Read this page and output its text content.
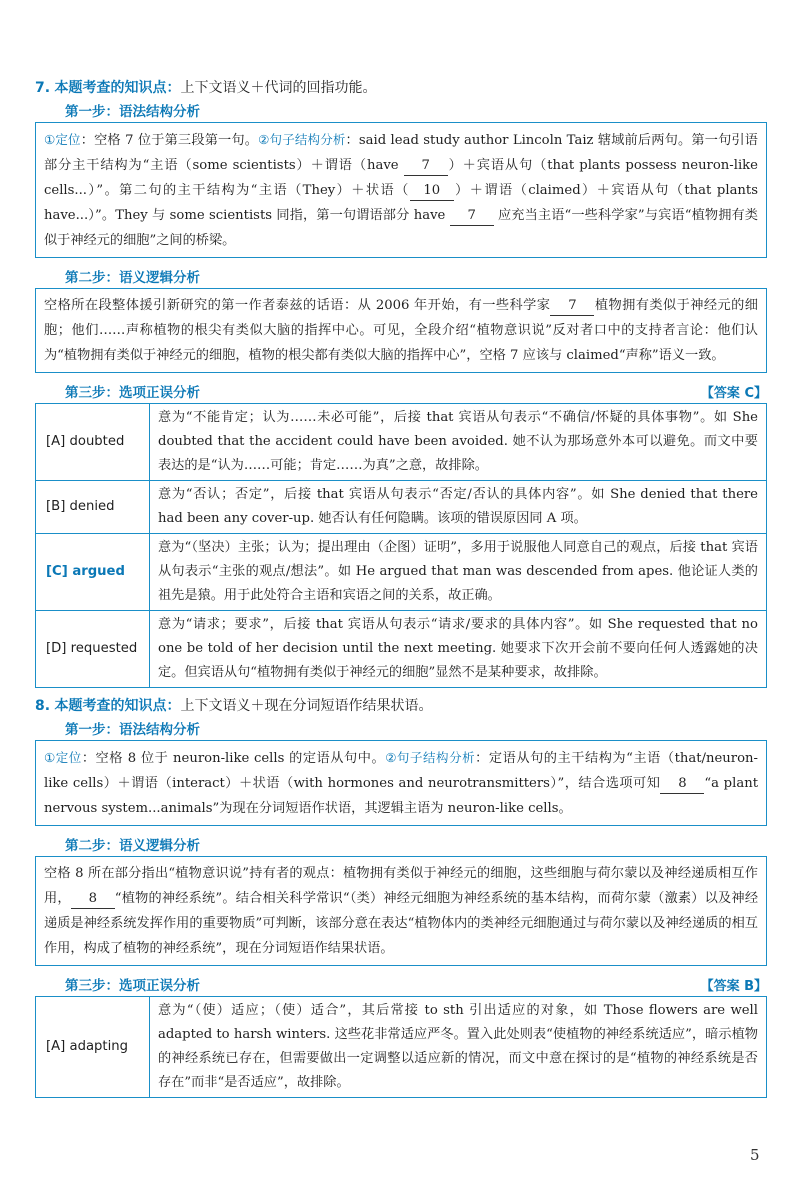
7. 本题考查的知识点：上下文语义＋代词的回指功能。
第一步：语法结构分析
①定位：空格 7 位于第三段第一句。②句子结构分析：said lead study author Lincoln Taiz 辖域前后两句。第一句引语部分主干结构为“主语（some scientists）＋谓语（have 7 ）＋宾语从句（that plants possess neuron-like cells...）”。第二句的主干结构为“主语（They）＋状语（ 10 ）＋谓语（claimed）＋宾语从句（that plants have...）”。They 与 some scientists 同指，第一句谓语部分 have 7 应充当主语“一些科学家”与宾语“植物拥有类似于神经元的细胞”之间的桥梁。
第二步：语义逻辑分析
空格所在段整体援引新研究的第一作者泰兹的话语：从 2006 年开始，有一些科学家 7 植物拥有类似于神经元的细胞；他们……声称植物的根尖有类似大脑的指挥中心。可见，全段介绍“植物意识说”反对者口中的支持者言论：他们认为“植物拥有类似于神经元的细胞，植物的根尖都有类似大脑的指挥中心”，空格 7 应该与 claimed“声称”语义一致。
第三步：选项正误分析	【答案 C】
[A] doubted	意为“不能肯定；认为……未必可能”，后接 that 宾语从句表示“不确信/怀疑的具体事物”。如 She doubted that the accident could have been avoided. 她不认为那场意外本可以避免。而文中要表达的是“认为……可能；肯定……为真”之意，故排除。
[B] denied	意为“否认；否定”，后接 that 宾语从句表示“否定/否认的具体内容”。如 She denied that there had been any cover-up. 她否认有任何隐瞒。该项的错误原因同 A 项。
[C] argued	意为“（坚决）主张；认为；提出理由（企图）证明”，多用于说服他人同意自己的观点，后接 that 宾语从句表示“主张的观点/想法”。如 He argued that man was descended from apes. 他论证人类的祖先是猿。用于此处符合主语和宾语之间的关系，故正确。
[D] requested	意为“请求；要求”，后接 that 宾语从句表示“请求/要求的具体内容”。如 She requested that no one be told of her decision until the next meeting. 她要求下次开会前不要向任何人透露她的决定。但宾语从句“植物拥有类似于神经元的细胞”显然不是某种要求，故排除。
8. 本题考查的知识点：上下文语义＋现在分词短语作结果状语。
第一步：语法结构分析
①定位：空格 8 位于 neuron-like cells 的定语从句中。②句子结构分析：定语从句的主干结构为“主语（that/neuron-like cells）＋谓语（interact）＋状语（with hormones and neurotransmitters）”，结合选项可知 8 “a plant nervous system...animals”为现在分词短语作状语，其逻辑主语为 neuron-like cells。
第二步：语义逻辑分析
空格 8 所在部分指出“植物意识说”持有者的观点：植物拥有类似于神经元的细胞，这些细胞与荷尔蒙以及神经递质相互作用， 8 “植物的神经系统”。结合相关科学常识“（类）神经元细胞为神经系统的基本结构，而荷尔蒙（激素）以及神经递质是神经系统发挥作用的重要物质”可判断，该部分意在表达“植物体内的类神经元细胞通过与荷尔蒙以及神经递质的相互作用，构成了植物的神经系统”，现在分词短语作结果状语。
第三步：选项正误分析	【答案 B】
[A] adapting	意为“（使）适应；（使）适合”，其后常接 to sth 引出适应的对象，如 Those flowers are well adapted to harsh winters. 这些花非常适应严冬。置入此处则表“使植物的神经系统适应”，暗示植物的神经系统已存在，但需要做出一定调整以适应新的情况，而文中意在探讨的是“植物的神经系统是否存在”而非“是否适应”，故排除。
5
